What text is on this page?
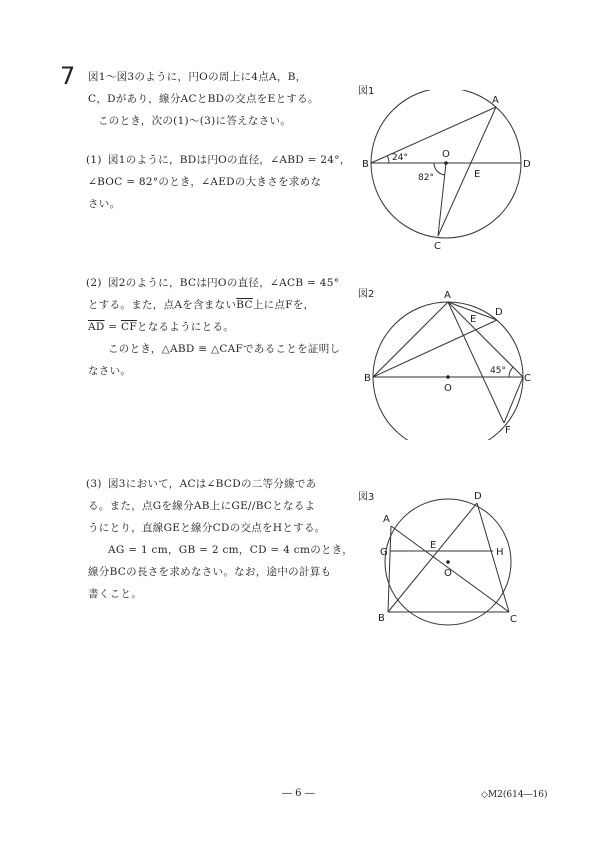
7 図1～図3のように，円Oの周上に4点A，B，
C，Dがあり，線分ACとBDの交点をEとする。
このとき，次の(1)～(3)に答えなさい。
(1) 図1のように，BDは円Oの直径，∠ABD = 24°，
∠BOC = 82°のとき，∠AEDの大きさを求めな
さい。
(2) 図2のように，BCは円Oの直径，∠ACB = 45°
とする。また，点Aを含まない$\overline{BC}$上に点Fを，
$\overline{AD} = \overline{CF}$となるようにとる。
このとき，△ABD ≡ △CAFであることを証明し
なさい。
(3) 図3において，ACは∠BCDの二等分線であ
る。また，点Gを線分AB上にGE//BCとなるよ
うにとり，直線GEと線分CDの交点をHとする。
AG = 1 cm，GB = 2 cm，CD = 4 cmのとき，
線分BCの長さを求めなさい。なお，途中の計算も
書くこと。
図1
図2
図3
A
B
C
D
E
O
24°
82°
A
B	C
D
E
F
O
45°
A
B	C
D
E
G	H
O
― 6 ―	◇M2(614―16)
